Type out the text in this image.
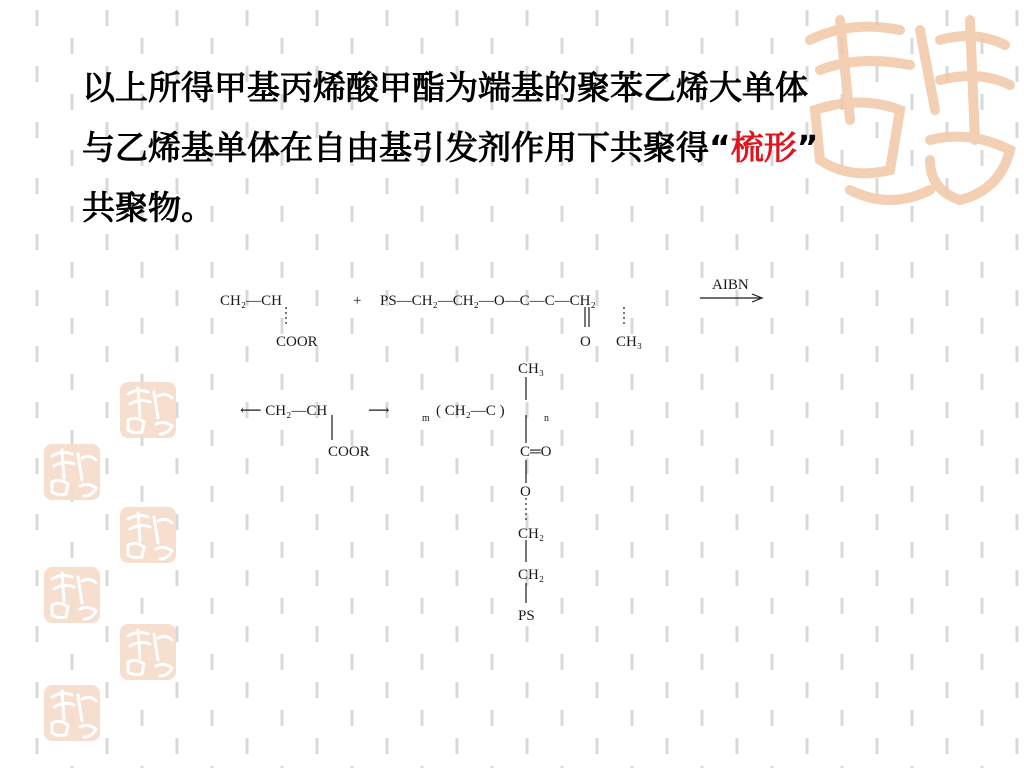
以上所得甲基丙烯酸甲酯为端基的聚苯乙烯大单体
与乙烯基单体在自由基引发剂作用下共聚得“梳形”
共聚物。

CH₂—CH
COOR
+ PS—CH₂—CH₂—O—C—C—CH₂
O CH₃
AIBN
⟵ CH₂—CH
COOR
⟶	m ( CH₂—C )	n
CH₃
C═O
O
CH₂
CH₂
PS
